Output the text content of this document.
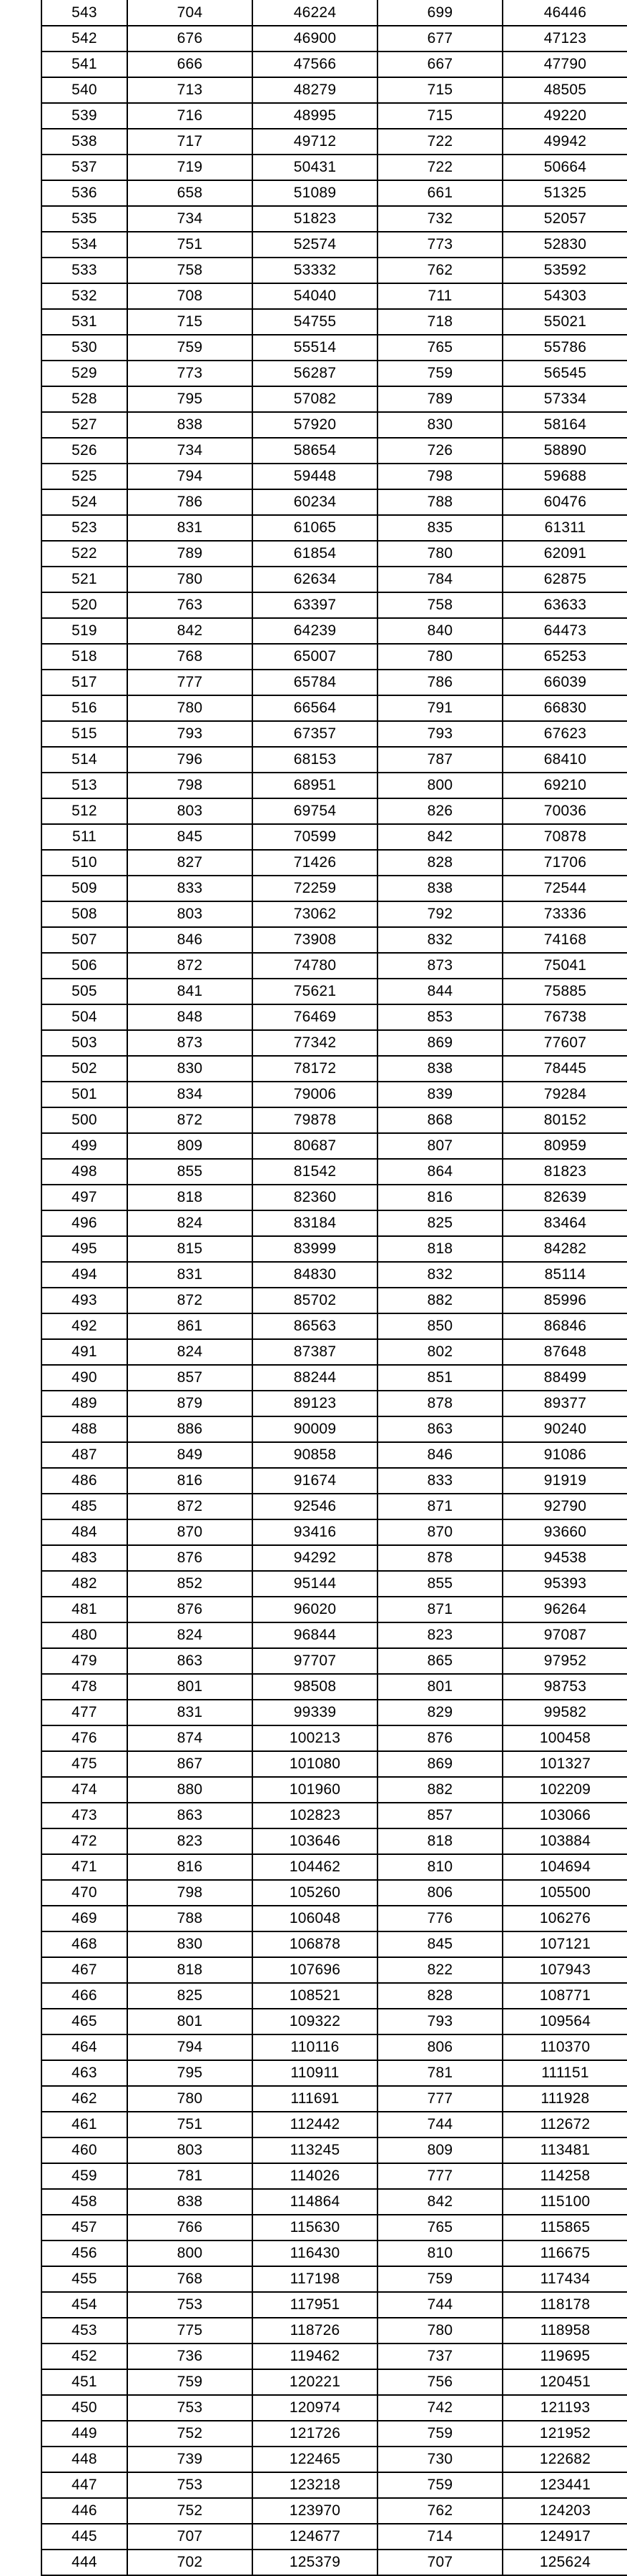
	543	704	46224	699	46446
	542	676	46900	677	47123
	541	666	47566	667	47790
	540	713	48279	715	48505
	539	716	48995	715	49220
	538	717	49712	722	49942
	537	719	50431	722	50664
	536	658	51089	661	51325
	535	734	51823	732	52057
	534	751	52574	773	52830
	533	758	53332	762	53592
	532	708	54040	711	54303
	531	715	54755	718	55021
	530	759	55514	765	55786
	529	773	56287	759	56545
	528	795	57082	789	57334
	527	838	57920	830	58164
	526	734	58654	726	58890
	525	794	59448	798	59688
	524	786	60234	788	60476
	523	831	61065	835	61311
	522	789	61854	780	62091
	521	780	62634	784	62875
	520	763	63397	758	63633
	519	842	64239	840	64473
	518	768	65007	780	65253
	517	777	65784	786	66039
	516	780	66564	791	66830
	515	793	67357	793	67623
	514	796	68153	787	68410
	513	798	68951	800	69210
	512	803	69754	826	70036
	511	845	70599	842	70878
	510	827	71426	828	71706
	509	833	72259	838	72544
	508	803	73062	792	73336
	507	846	73908	832	74168
	506	872	74780	873	75041
	505	841	75621	844	75885
	504	848	76469	853	76738
	503	873	77342	869	77607
	502	830	78172	838	78445
	501	834	79006	839	79284
	500	872	79878	868	80152
	499	809	80687	807	80959
	498	855	81542	864	81823
	497	818	82360	816	82639
	496	824	83184	825	83464
	495	815	83999	818	84282
	494	831	84830	832	85114
	493	872	85702	882	85996
	492	861	86563	850	86846
	491	824	87387	802	87648
	490	857	88244	851	88499
	489	879	89123	878	89377
	488	886	90009	863	90240
	487	849	90858	846	91086
	486	816	91674	833	91919
	485	872	92546	871	92790
	484	870	93416	870	93660
	483	876	94292	878	94538
	482	852	95144	855	95393
	481	876	96020	871	96264
	480	824	96844	823	97087
	479	863	97707	865	97952
	478	801	98508	801	98753
	477	831	99339	829	99582
	476	874	100213	876	100458
	475	867	101080	869	101327
	474	880	101960	882	102209
	473	863	102823	857	103066
	472	823	103646	818	103884
	471	816	104462	810	104694
	470	798	105260	806	105500
	469	788	106048	776	106276
	468	830	106878	845	107121
	467	818	107696	822	107943
	466	825	108521	828	108771
	465	801	109322	793	109564
	464	794	110116	806	110370
	463	795	110911	781	111151
	462	780	111691	777	111928
	461	751	112442	744	112672
	460	803	113245	809	113481
	459	781	114026	777	114258
	458	838	114864	842	115100
	457	766	115630	765	115865
	456	800	116430	810	116675
	455	768	117198	759	117434
	454	753	117951	744	118178
	453	775	118726	780	118958
	452	736	119462	737	119695
	451	759	120221	756	120451
	450	753	120974	742	121193
	449	752	121726	759	121952
	448	739	122465	730	122682
	447	753	123218	759	123441
	446	752	123970	762	124203
	445	707	124677	714	124917
	444	702	125379	707	125624
